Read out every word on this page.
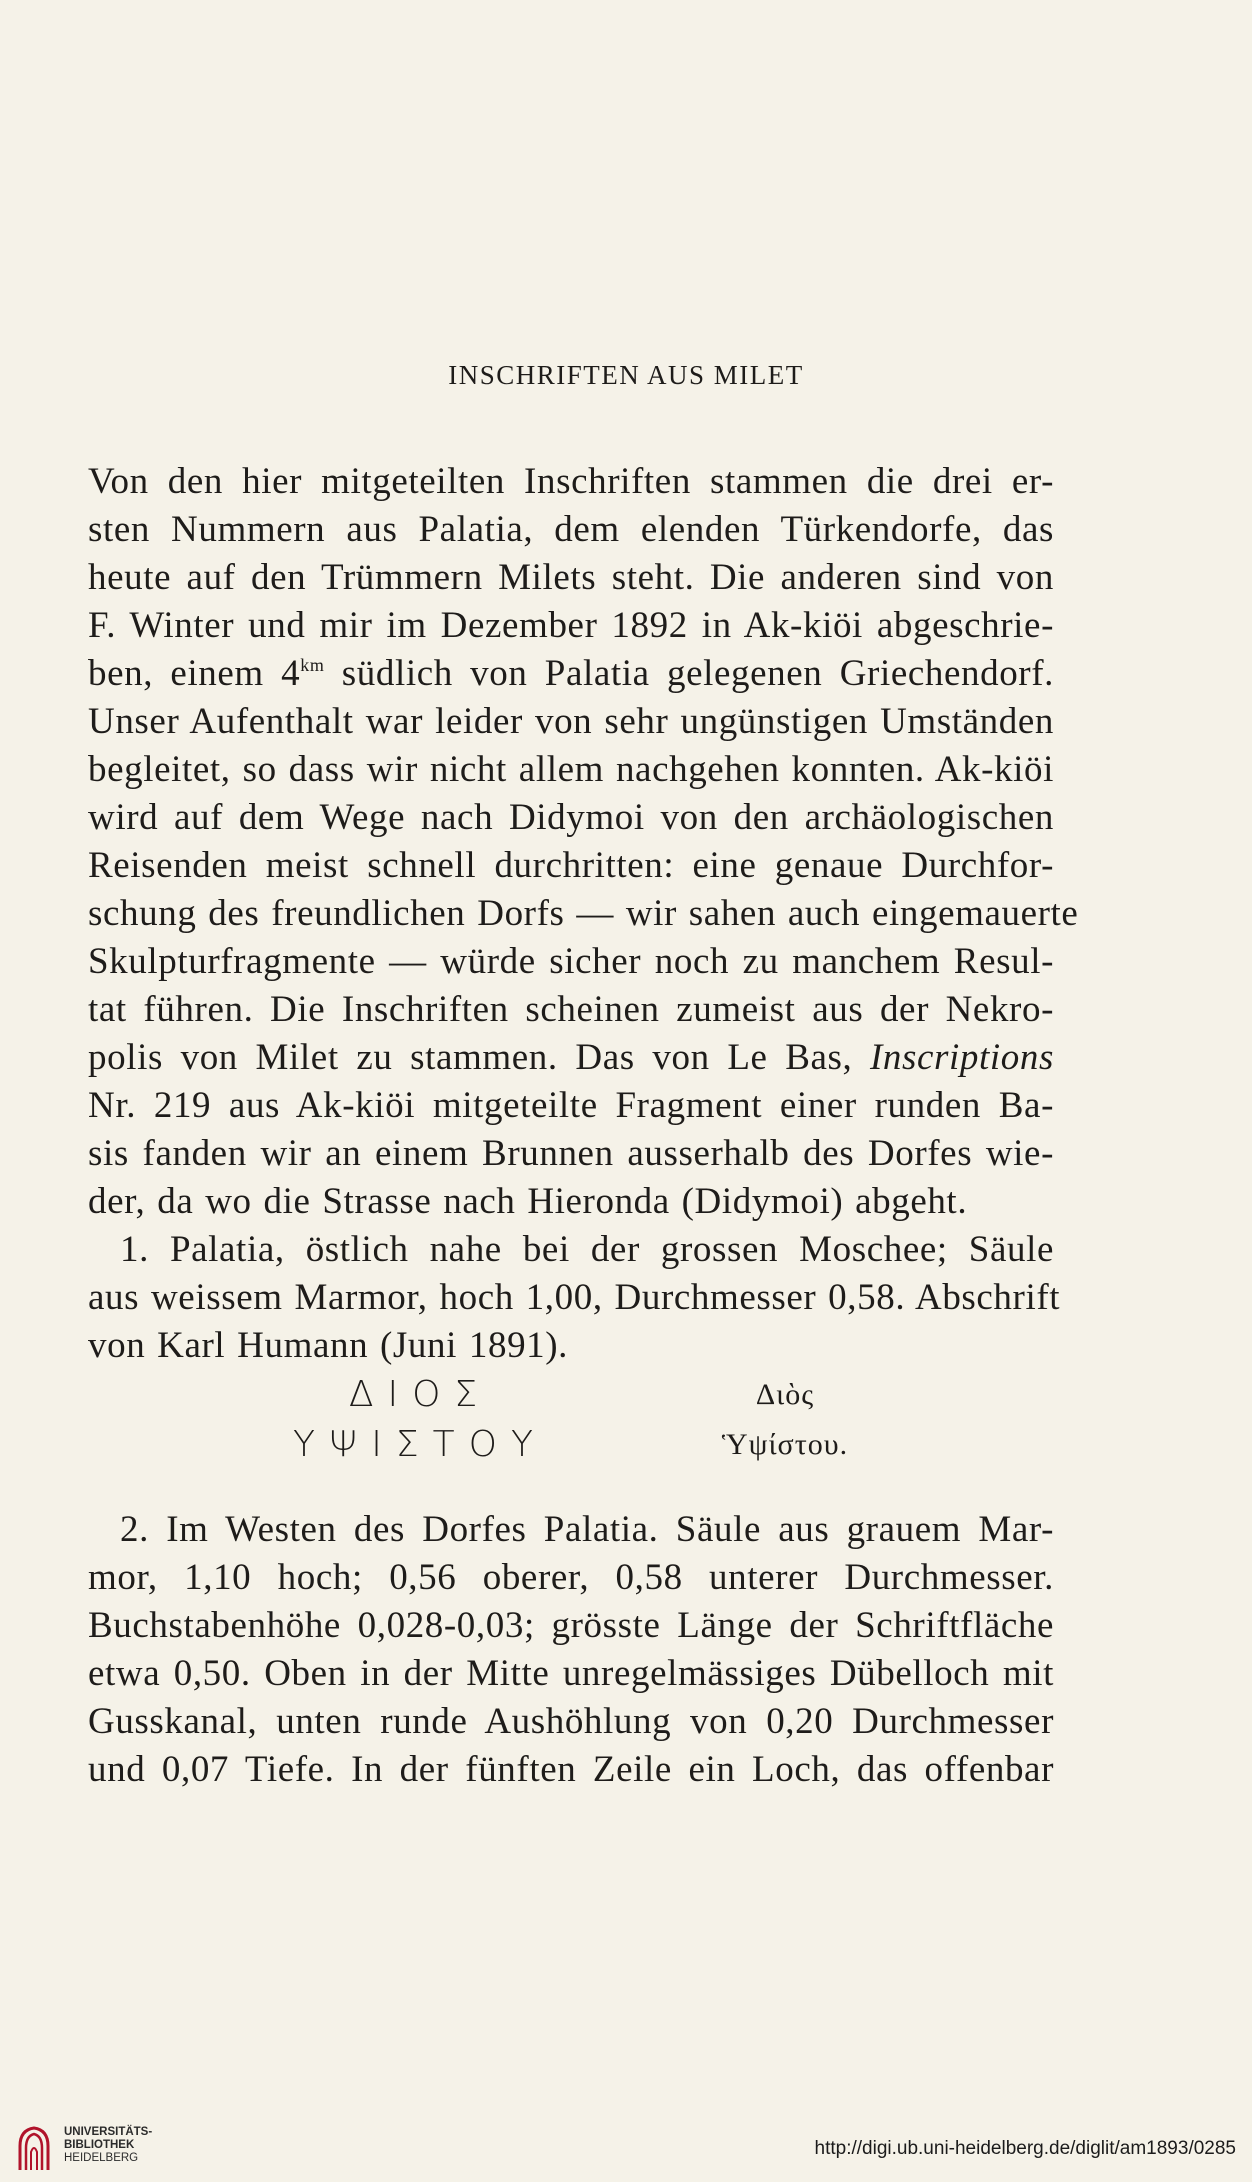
INSCHRIFTEN AUS MILET
Von den hier mitgeteilten Inschriften stammen die drei er-
sten Nummern aus Palatia, dem elenden Türkendorfe, das
heute auf den Trümmern Milets steht. Die anderen sind von
F. Winter und mir im Dezember 1892 in Ak-kiöi abgeschrie-
ben, einem $4^{km}$ südlich von Palatia gelegenen Griechendorf.
Unser Aufenthalt war leider von sehr ungünstigen Umständen
begleitet, so dass wir nicht allem nachgehen konnten. Ak-kiöi
wird auf dem Wege nach Didymoi von den archäologischen
Reisenden meist schnell durchritten: eine genaue Durchfor-
schung des freundlichen Dorfs — wir sahen auch eingemauerte
Skulpturfragmente — würde sicher noch zu manchem Resul-
tat führen. Die Inschriften scheinen zumeist aus der Nekro-
polis von Milet zu stammen. Das von Le Bas, Inscriptions
Nr. 219 aus Ak-kiöi mitgeteilte Fragment einer runden Ba-
sis fanden wir an einem Brunnen ausserhalb des Dorfes wie-
der, da wo die Strasse nach Hieronda (Didymoi) abgeht.
1. Palatia, östlich nahe bei der grossen Moschee; Säule
aus weissem Marmor, hoch 1,00, Durchmesser 0,58. Abschrift
von Karl Humann (Juni 1891).
ΔΙΟΣ
ΥΨΙΣΤΟΥ
Διὸς
Ὑψίστου.
2. Im Westen des Dorfes Palatia. Säule aus grauem Mar-
mor, 1,10 hoch; 0,56 oberer, 0,58 unterer Durchmesser.
Buchstabenhöhe 0,028-0,03; grösste Länge der Schriftfläche
etwa 0,50. Oben in der Mitte unregelmässiges Dübelloch mit
Gusskanal, unten runde Aushöhlung von 0,20 Durchmesser
und 0,07 Tiefe. In der fünften Zeile ein Loch, das offenbar
UNIVERSITÄTS-
BIBLIOTHEK
HEIDELBERG	http://digi.ub.uni-heidelberg.de/diglit/am1893/0285
